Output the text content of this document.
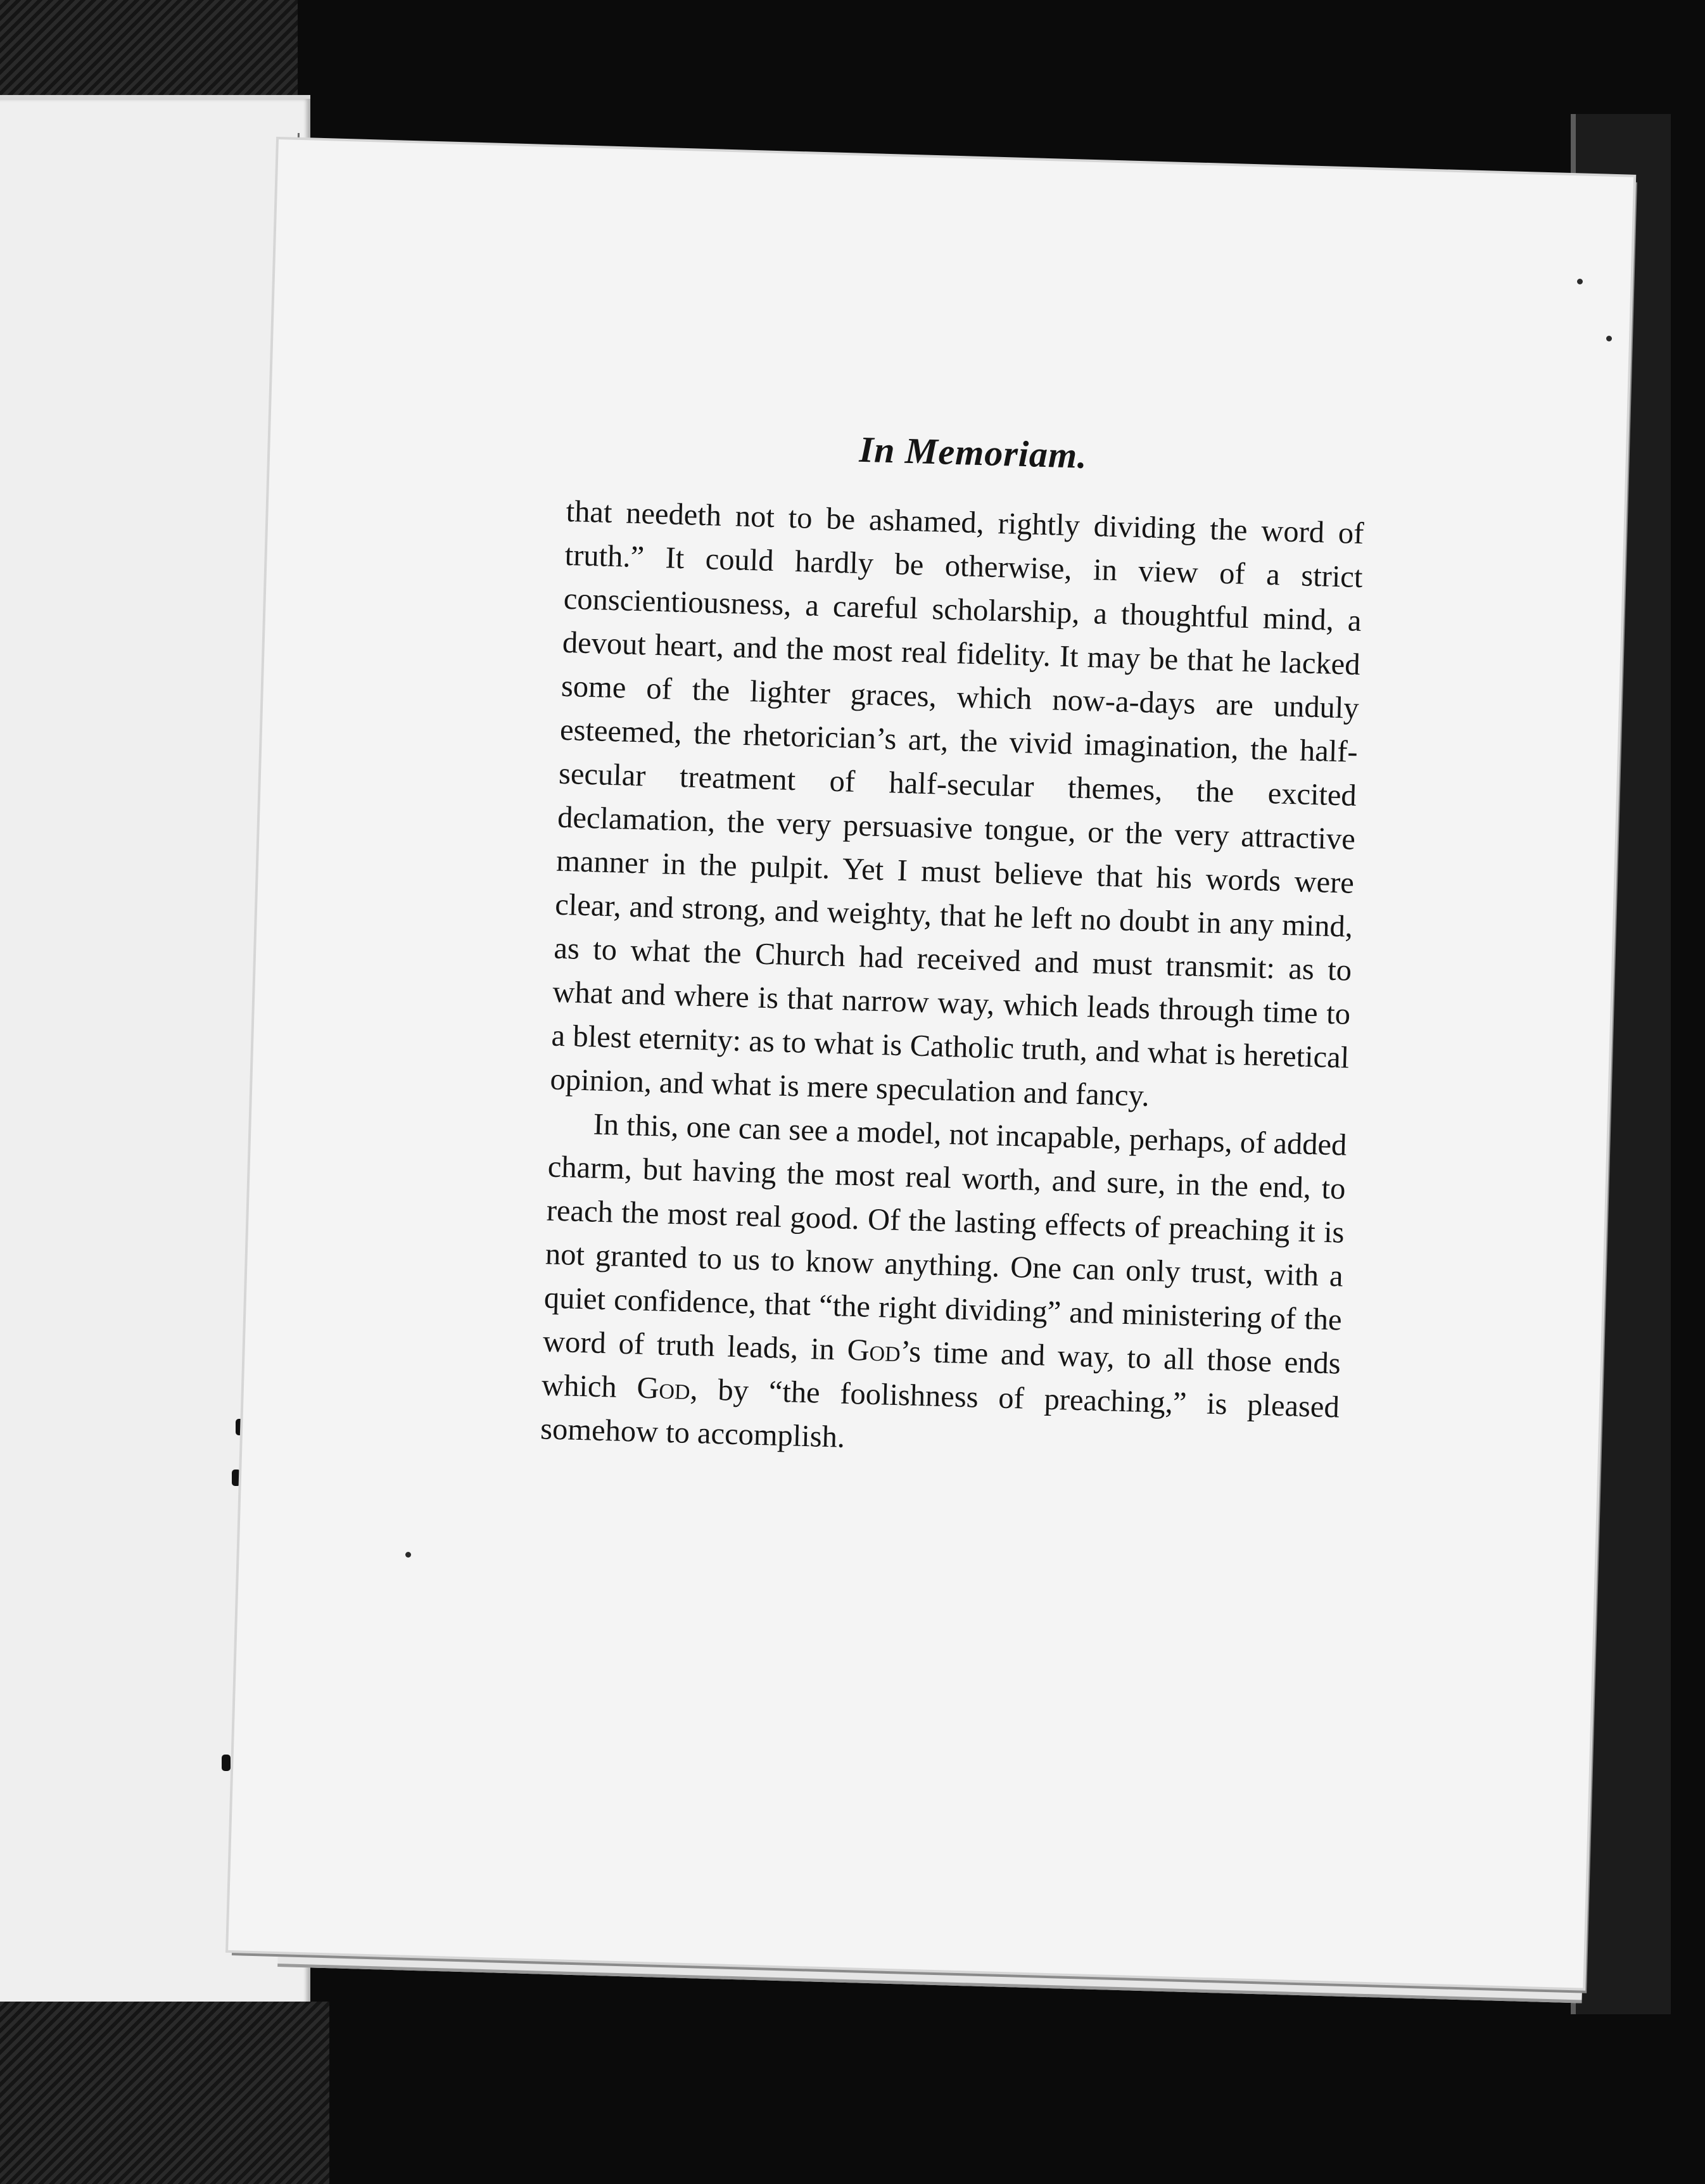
In Memoriam.

that needeth not to be ashamed, rightly dividing the word of truth.” It could hardly be otherwise, in view of a strict conscientiousness, a careful scholarship, a thoughtful mind, a devout heart, and the most real fidelity. It may be that he lacked some of the lighter graces, which now-a-days are unduly esteemed, the rhetorician’s art, the vivid imagination, the half-secular treatment of half-secular themes, the excited declamation, the very persuasive tongue, or the very attractive manner in the pulpit. Yet I must believe that his words were clear, and strong, and weighty, that he left no doubt in any mind, as to what the Church had received and must transmit: as to what and where is that narrow way, which leads through time to a blest eternity: as to what is Catholic truth, and what is heretical opinion, and what is mere speculation and fancy.

In this, one can see a model, not incapable, perhaps, of added charm, but having the most real worth, and sure, in the end, to reach the most real good. Of the lasting effects of preaching it is not granted to us to know anything. One can only trust, with a quiet confidence, that “the right dividing” and ministering of the word of truth leads, in God’s time and way, to all those ends which God, by “the foolishness of preaching,” is pleased somehow to accomplish.
